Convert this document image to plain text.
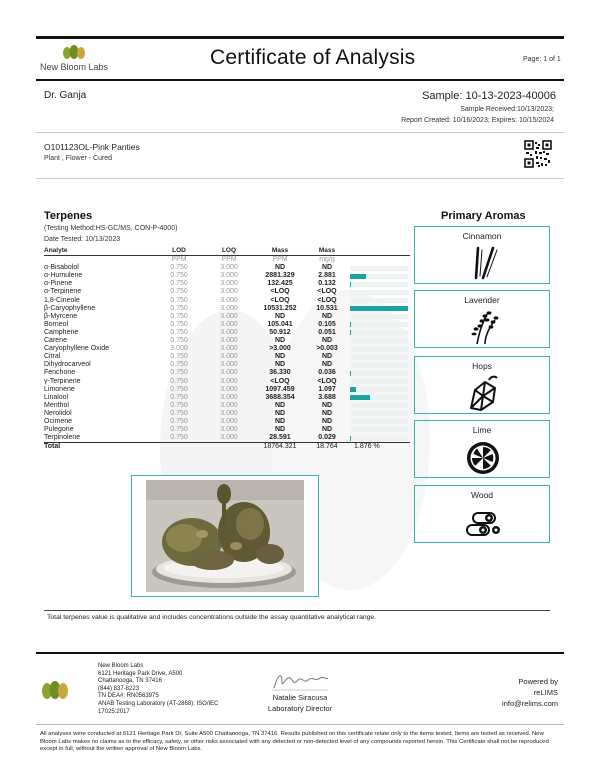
New Bloom Labs	Certificate of Analysis	Page: 1 of 1
Dr. Ganja	Sample: 10-13-2023-40006
Sample Received:10/13/2023;
Report Created: 10/16/2023; Expires: 10/15/2024
O101123OL-Pink Panties
Plant , Flower - Cured
Terpenes
(Testing Method:HS-GC/MS, CON-P-4000)
Date Tested: 10/13/2023
Analyte	LOD	LOQ	Mass	Mass	
	PPM	PPM	PPM	mg/g	
α-Bisabolol	0.750	3.000	ND	ND	

α-Humulene	0.750	3.000	2881.329	2.881	

α-Pinene	0.750	3.000	132.425	0.132	

α-Terpinene	0.750	3.000	<LOQ	<LOQ	

1,8-Cineole	0.750	3.000	<LOQ	<LOQ	

β-Caryophyllene	0.750	3.000	10531.252	10.531	

β-Myrcene	0.750	3.000	ND	ND	

Borneol	0.750	3.000	105.041	0.105	

Camphene	0.750	3.000	50.912	0.051	

Carene	0.750	3.000	ND	ND	

Caryophyllene Oxide	3.000	3.000	>3.000	>0.003	

Citral	0.750	3.000	ND	ND	

Dihydrocarveol	0.750	3.000	ND	ND	

Fenchone	0.750	3.000	36.330	0.036	

γ-Terpinene	0.750	3.000	<LOQ	<LOQ	

Limonene	0.750	3.000	1097.459	1.097	

Linalool	0.750	3.000	3688.354	3.688	

Menthol	0.750	3.000	ND	ND	

Nerolidol	0.750	3.000	ND	ND	

Ocimene	0.750	3.000	ND	ND	

Pulegone	0.750	3.000	ND	ND	

Terpinolene	0.750	3.000	28.591	0.029	

Total			18764.321	18.764	1.876 %
Primary Aromas
Cinnamon
Lavender
Hops
Lime
Wood
Total terpenes value is qualitative and includes concentrations outside the assay quantitative analytical range.
New Bloom Labs
6121 Heritage Park Drive, A500
Chattanooga, TN 37416
(844) 837-8223
TN DEA#: RN0563975
ANAB Testing Laboratory (AT-2868): ISO/IEC
17025:2017
Natalie Siracusa
Laboratory Director
Powered by
reLIMS
info@relims.com
All analyses were conducted at 6121 Heritage Park Dr, Suite A500 Chattanooga, TN 37416. Results published on this certificate relate only to the items tested. Items are tested as received. New Bloom Labs makes no claims as to the efficacy, safety, or other risks associated with any detected or non-detected level of any compounds reported herein. This Certificate shall not be reproduced except in full, without the written approval of New Bloom Labs.
